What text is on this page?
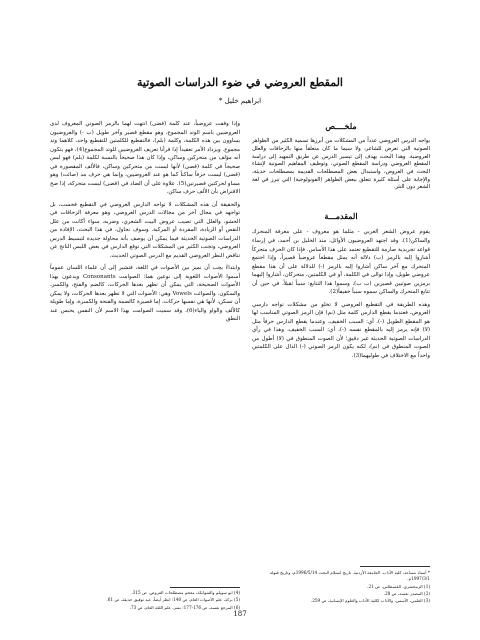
المقطع العروضي في ضوء الدراسات الصوتية
ابراهيم خليل *
ملخــــص

يواجه الدرس العروضي عدداً من المشكلات من أبرزها تسمية الكثير من الظواهر الصوتية التي تعرض للشاعر، ولا سيما ما كان متعلقاً منها بالزحافات والعلل العروضية. وهذا البحث يهدف إلى تيسير الدرس عن طريق التمهيد إلى دراسة المقطع العروضي ودراسة المقطع الصوتي، وتوظيف المفاهيم الصوتية لإنشاء البحث في العروض، واستبدال بعض المصطلحات القديمة بمصطلحات حديثة، والإجابة على أسئلة كثيرة تتعلق ببعض الظواهر (الفونولوجية) التي تبرز في لغة الشعر دون النثر.

المقدمـــة

يقوم عروض الشعر العربي - مثلما هو معروف - على معرفة المتحرك والساكن(1). وقد اجتهد العروضيون الأوائل، منذ الخليل بن أحمد، في إرساء قواعد تجريدية صارمة للتقطيع تعتمد على هذا الأساس. فإذا كان الحرف متحركاً أشاروا إليه بالرمز (ب) دلالة أنه يمثل مقطعاً عروضياً قصيراً، وإذا اجتمع المتحرك مع آخر ساكن أشاروا إليه بالرمز (-) للدلالة على أن هذا مقطع عروضي طويل، وإذا توالى في الكلمة، أو في الكلمتين، متحركان، أشاروا إليهما برمزين صوتيين قصيرين (ب ب)، وسموا هذا التتابع: سبباً ثقيلاً، في حين أن تتابع المتحرك والساكن سموه سبباً خفيفاً(2).

وهذه الطريقة في التقطيع العروضي لا تخلو من مشكلات تواجه دارسي العروض، فعندما يقطع الدارس كلمة مثل (نم) فإن الرمز الصوتي المناسب لها هو المقطع الطويل (-). أي: السبب الخفيف. وعندما يقطع الدارس حرفاً مثل (لا) فإنه يرمز إليه بالمقطع نفسه (-)، أي: السبب الخفيف، وهذا في رأي الدراسات الصوتية الحديثة غير دقيق؛ لأن الصوت المنطوق في (لا) أطول من الصوت المنطوق في (نم)، لكنه يكون الرمز الصوتي (-) الدال على الكلمتين واحداً مع الاختلاف في طوليهما(3).

وإذا وقفت عروضياً، عند كلمة (قضى) انتهت لهما بالرمز الصوتي المعروف لدى العروضيين باسم الوتد المجموع، وهو مقطع قصير وآخر طويل (ب -) والعروضيون يساوون بين هذه الكلمة، وكلمة (بلم)، فالتقطيع للكلمتين للتقطيع واحد، كلاهما وتد مجموع. ويزداد الأمر تعقيداً إذا قرأنا تعريف العروضيين للوتد المجموع(4)، فهو يتكون أنه مؤلف من متحركين وساكن، وإذا كان هذا صحيحاً بالنسبة لكلمة (بلم) فهو ليس صحيحاً في كلمة (قضى) لأنها ليست من متحركين وساكن، فالألف المقصورة في (قضى) ليست حرفاً ساكناً كما هو عند العروضيين، وإنما هي حرف مد (صائت) وهو مساو لحركتين قصيرتين(5). علاوة على أن الضاد في (قضى) ليست متحركة، إذا صح الافتراض بأن الألف حرف ساكن.

والحقيقة أن هذه المشكلات لا تواجه الدارس العروضي في التقطيع فحسب، بل تواجهه في مجال آخر من مجالات الدرس العروضي، وهو معرفة الزحافات في الحشو، والعلل التي تصيب عروض البيت الشعري، وضربه، سواء أكانت من علل النقص أو الزيادة، المفردة أو المركبة. وسوف نحاول، في هذا البحث، الإفادة من الدراسات الصوتية الحديثة فيما يمكن أن يوصف بأنه محاولة جديدة لتبسيط الدرس العروضي، وتجنب الكثير من المشكلات التي توقع الدارس في بعض اللبس الناتج عن تناقض النظر العروضي القديم مع الدرس الصوتي الحديث.

وابتداءً يجب أن نميز بين الأصوات في اللغة، فتشير إلى أن علماء اللسان عموماً أسموا الأصوات اللغوية إلى نوعين هما: الصوامت Consonants ويدعون بهذا الأصوات الصحيحة، التي يمكن أن تظهر بعدها الحركات، كالضم والفتح، والكسر، والسكون. والصوائت Vowels وهي: الأصوات التي لا تظهر بعدها الحركات، ولا يمكن أن تسكن، لأنها هي نفسها حركات، إما قصيرة كالضمة والفتحة والكسرة، وإما طويلة كالألف والواو والياء(6)، وقد سميت الصوامت بهذا الاسم لأن النفس يحبس عند النطق

* أستاذ مساعد، كلية الآداب، الجامعة الأردنية. تاريخ استلام البحث 1996/5/14م، وتاريخ قبوله 1997/3/1م.
(1) الزمخشري، القسطاس، ص 21.
(2) المصدر نفسه، ص 28.
(3) العلمي، الأسس، والآداب لكلية الآداب والعلوم الإنسانية، ص 259.
(4) ابو سويلم والشوابكة، معجم مصطلحات العروض، ص 315.
(5) بركة، علم الأصوات العام، ص 140؛ انظر أيضاً، عبد توفيق حديقة، ص 61.
(6) المرجع نفسه، ص 176-177؛ بشر، علم اللغة العام، ص 73.
187
